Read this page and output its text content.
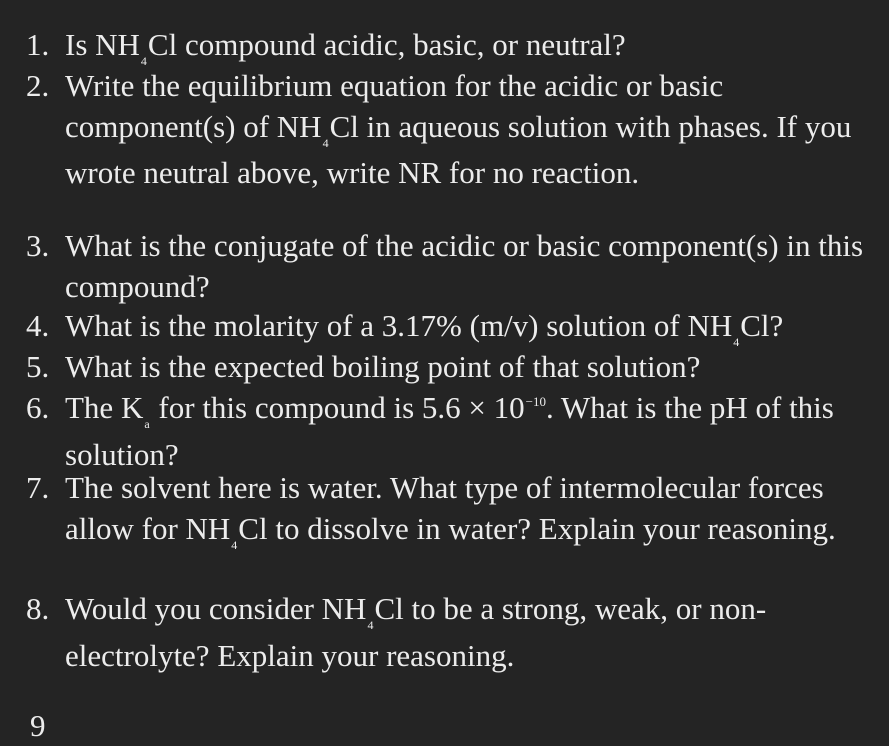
1. Is $NH_4Cl$ compound acidic, basic, or neutral?
2. Write the equilibrium equation for the acidic or basic component(s) of $NH_4Cl$ in aqueous solution with phases. If you wrote neutral above, write NR for no reaction.
3. What is the conjugate of the acidic or basic component(s) in this compound?
4. What is the molarity of a 3.17% (m/v) solution of $NH_4Cl$?
5. What is the expected boiling point of that solution?
6. The $K_a$ for this compound is $5.6 \times 10^{-10}$. What is the pH of this solution?
7. The solvent here is water. What type of intermolecular forces allow for $NH_4Cl$ to dissolve in water? Explain your reasoning.
8. Would you consider $NH_4Cl$ to be a strong, weak, or non-electrolyte? Explain your reasoning.
9
